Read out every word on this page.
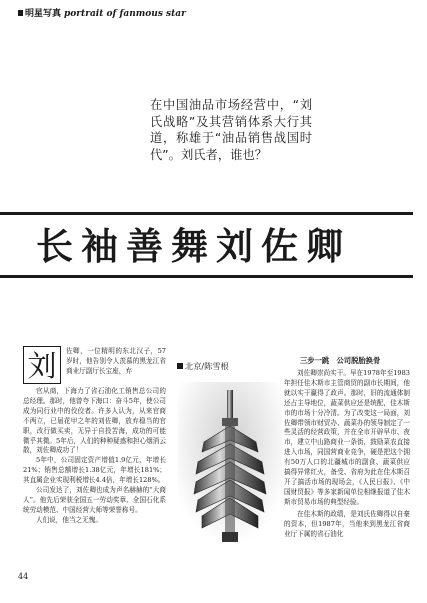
明星写真 portrait of fanmous star
在中国油品市场经营中，“刘氏战略”及其营销体系大行其道，称雄于“油品销售战国时代”。刘氏者，谁也？
长袖善舞刘佐卿
刘	佐卿，一位精明的东北汉子，57岁时，他告别令人羡慕的黑龙江省商业厅副厅长宝座，弃

官从商，下海力了省石油化工销售总公司的总经理。那时，他曾夸下海口：奋斗5年，使公司成为同行业中的佼佼者。许多人认为，从来官商不两立，已届花甲之年的刘佐卿，放弃稳当的官职，改行做买卖，无异于自投苦海，成功的可能微乎其微。5年后，人们的种种疑惑和担心烟消云散，刘佐卿成功了！

5年中，公司固定资产增值1.9亿元，年增长21%；销售总额增长1.38亿元，年增长181%；其直属企业实现利税增长4.4倍，年增长128%。

公司发达了，刘佐卿也成为声名赫赫的“大商人”。他先后荣获全国五一劳动奖章、全国石化系统劳动模范、中国经营大师等荣誉称号。

人们说，他当之无愧。

北京/陈雪根
三步一跳　公司脱胎换骨

刘佐卿崇尚实干。早在1978年至1983年担任佳木斯市主管商贸的副市长期间，他就以实干赢得了政声。那时，旧的流通体制还占主导地位，蔬菜供应还是统配，佳木斯市的市场十分冷清。为了改变这一局面，刘佐卿带领市财贸办、蔬菜办的领导制定了一些灵活的经营政策，并在全市开辟早市、夜市，建立中山路商业一条街，鼓励菜农直接进入市场，同国营商业竞争，硬是把这个拥有50万人口的北疆城市的副食、蔬菜供应搞得异常红火，备受、省府为此在佳木斯召开了搞活市场的现场会，《人民日报》、《中国财贸报》等多家新闻单位相继报道了佳木斯市贸易市场的典型经验。

在佳木斯的政绩，是刘氏佐卿得以自豪的资本，但1987年，当他来到黑龙江省商业厅下属的省石油化

44
